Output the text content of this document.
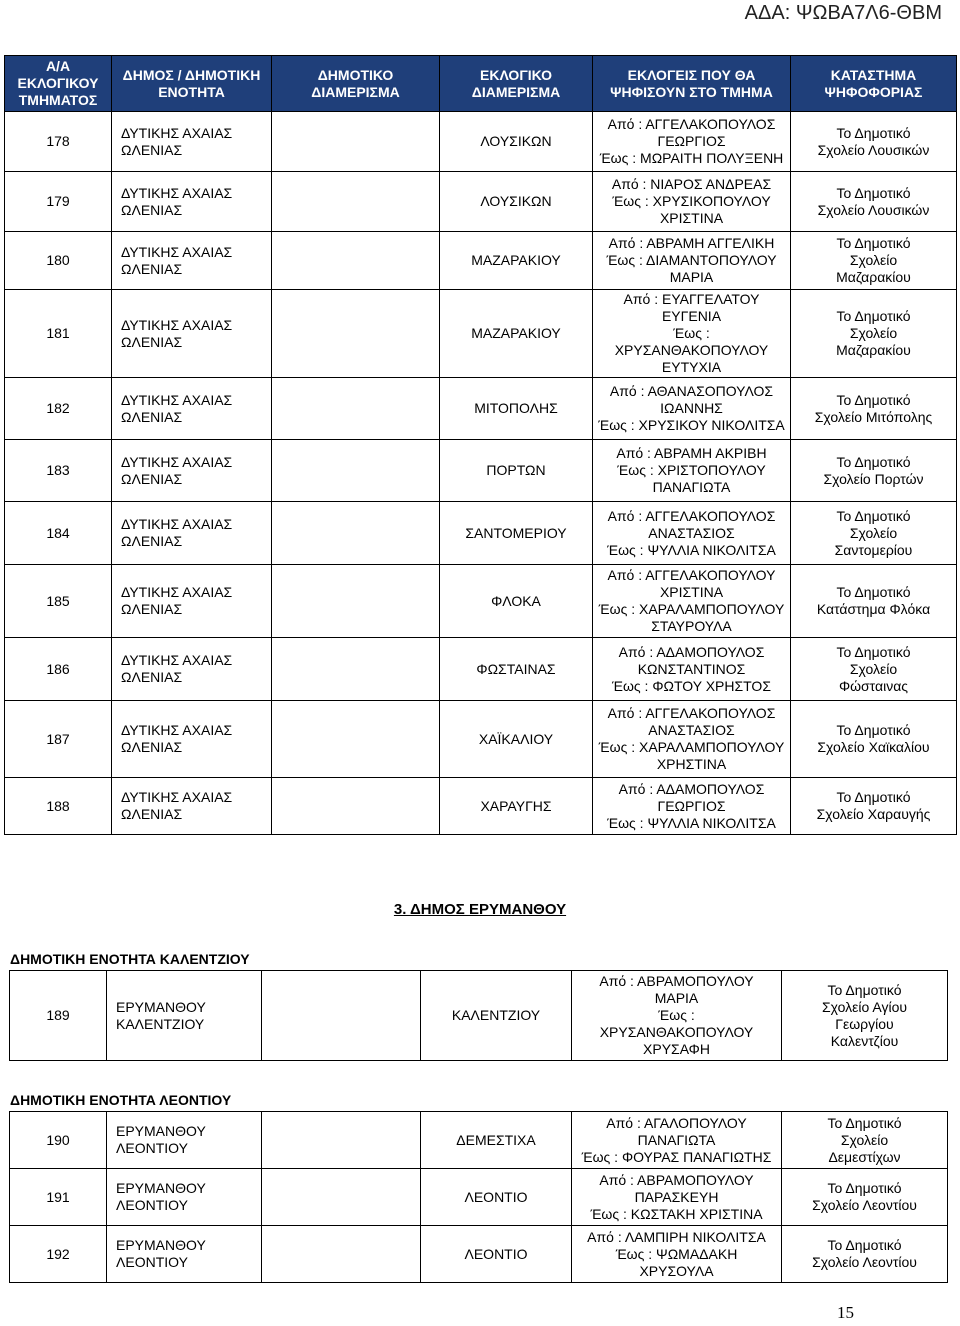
ΑΔΑ: ΨΩΒΑ7Λ6-ΘΒΜ
Α/Α ΕΚΛΟΓΙΚΟΥ ΤΜΗΜΑΤΟΣ	ΔΗΜΟΣ / ΔΗΜΟΤΙΚΗ ΕΝΟΤΗΤΑ	ΔΗΜΟΤΙΚΟ ΔΙΑΜΕΡΙΣΜΑ	ΕΚΛΟΓΙΚΟ ΔΙΑΜΕΡΙΣΜΑ	ΕΚΛΟΓΕΙΣ ΠΟΥ ΘΑ ΨΗΦΙΣΟΥΝ ΣΤΟ ΤΜΗΜΑ	ΚΑΤΑΣΤΗΜΑ ΨΗΦΟΦΟΡΙΑΣ
178	ΔΥΤΙΚΗΣ ΑΧΑΙΑΣ
ΩΛΕΝΙΑΣ		ΛΟΥΣΙΚΩΝ	Από : ΑΓΓΕΛΑΚΟΠΟΥΛΟΣ
ΓΕΩΡΓΙΟΣ
Έως : ΜΩΡΑΙΤΗ ΠΟΛΥΞΕΝΗ	Το Δημοτικό
Σχολείο Λουσικών
179	ΔΥΤΙΚΗΣ ΑΧΑΙΑΣ
ΩΛΕΝΙΑΣ		ΛΟΥΣΙΚΩΝ	Από : ΝΙΑΡΟΣ ΑΝΔΡΕΑΣ
Έως : ΧΡΥΣΙΚΟΠΟΥΛΟΥ
ΧΡΙΣΤΙΝΑ	Το Δημοτικό
Σχολείο Λουσικών
180	ΔΥΤΙΚΗΣ ΑΧΑΙΑΣ
ΩΛΕΝΙΑΣ		ΜΑΖΑΡΑΚΙΟΥ	Από : ΑΒΡΑΜΗ ΑΓΓΕΛΙΚΗ
Έως : ΔΙΑΜΑΝΤΟΠΟΥΛΟΥ
ΜΑΡΙΑ	Το Δημοτικό
Σχολείο
Μαζαρακίου
181	ΔΥΤΙΚΗΣ ΑΧΑΙΑΣ
ΩΛΕΝΙΑΣ		ΜΑΖΑΡΑΚΙΟΥ	Από : ΕΥΑΓΓΕΛΑΤΟΥ
ΕΥΓΕΝΙΑ
Έως :
ΧΡΥΣΑΝΘΑΚΟΠΟΥΛΟΥ
ΕΥΤΥΧΙΑ	Το Δημοτικό
Σχολείο
Μαζαρακίου
182	ΔΥΤΙΚΗΣ ΑΧΑΙΑΣ
ΩΛΕΝΙΑΣ		ΜΙΤΟΠΟΛΗΣ	Από : ΑΘΑΝΑΣΟΠΟΥΛΟΣ
ΙΩΑΝΝΗΣ
Έως : ΧΡΥΣΙΚΟΥ ΝΙΚΟΛΙΤΣΑ	Το Δημοτικό
Σχολείο Μιτόπολης
183	ΔΥΤΙΚΗΣ ΑΧΑΙΑΣ
ΩΛΕΝΙΑΣ		ΠΟΡΤΩΝ	Από : ΑΒΡΑΜΗ ΑΚΡΙΒΗ
Έως : ΧΡΙΣΤΟΠΟΥΛΟΥ
ΠΑΝΑΓΙΩΤΑ	Το Δημοτικό
Σχολείο Πορτών
184	ΔΥΤΙΚΗΣ ΑΧΑΙΑΣ
ΩΛΕΝΙΑΣ		ΣΑΝΤΟΜΕΡΙΟΥ	Από : ΑΓΓΕΛΑΚΟΠΟΥΛΟΣ
ΑΝΑΣΤΑΣΙΟΣ
Έως : ΨΥΛΛΙΑ ΝΙΚΟΛΙΤΣΑ	Το Δημοτικό
Σχολείο
Σαντομερίου
185	ΔΥΤΙΚΗΣ ΑΧΑΙΑΣ
ΩΛΕΝΙΑΣ		ΦΛΟΚΑ	Από : ΑΓΓΕΛΑΚΟΠΟΥΛΟΥ
ΧΡΙΣΤΙΝΑ
Έως : ΧΑΡΑΛΑΜΠΟΠΟΥΛΟΥ
ΣΤΑΥΡΟΥΛΑ	Το Δημοτικό
Κατάστημα Φλόκα
186	ΔΥΤΙΚΗΣ ΑΧΑΙΑΣ
ΩΛΕΝΙΑΣ		ΦΩΣΤΑΙΝΑΣ	Από : ΑΔΑΜΟΠΟΥΛΟΣ
ΚΩΝΣΤΑΝΤΙΝΟΣ
Έως : ΦΩΤΟΥ ΧΡΗΣΤΟΣ	Το Δημοτικό
Σχολείο
Φώσταινας
187	ΔΥΤΙΚΗΣ ΑΧΑΙΑΣ
ΩΛΕΝΙΑΣ		ΧΑΪΚΑΛΙΟΥ	Από : ΑΓΓΕΛΑΚΟΠΟΥΛΟΣ
ΑΝΑΣΤΑΣΙΟΣ
Έως : ΧΑΡΑΛΑΜΠΟΠΟΥΛΟΥ
ΧΡΗΣΤΙΝΑ	Το Δημοτικό
Σχολείο Χαϊκαλίου
188	ΔΥΤΙΚΗΣ ΑΧΑΙΑΣ
ΩΛΕΝΙΑΣ		ΧΑΡΑΥΓΗΣ	Από : ΑΔΑΜΟΠΟΥΛΟΣ
ΓΕΩΡΓΙΟΣ
Έως : ΨΥΛΛΙΑ ΝΙΚΟΛΙΤΣΑ	Το Δημοτικό
Σχολείο Χαραυγής
3. ΔΗΜΟΣ ΕΡΥΜΑΝΘΟΥ
ΔΗΜΟΤΙΚΗ ΕΝΟΤΗΤΑ ΚΑΛΕΝΤΖΙΟΥ
189	ΕΡΥΜΑΝΘΟΥ
ΚΑΛΕΝΤΖΙΟΥ		ΚΑΛΕΝΤΖΙΟΥ	Από : ΑΒΡΑΜΟΠΟΥΛΟΥ
ΜΑΡΙΑ
Έως :
ΧΡΥΣΑΝΘΑΚΟΠΟΥΛΟΥ
ΧΡΥΣΑΦΗ	Το Δημοτικό
Σχολείο Αγίου
Γεωργίου
Καλεντζίου
ΔΗΜΟΤΙΚΗ ΕΝΟΤΗΤΑ ΛΕΟΝΤΙΟΥ
190	ΕΡΥΜΑΝΘΟΥ
ΛΕΟΝΤΙΟΥ		ΔΕΜΕΣΤΙΧΑ	Από : ΑΓΑΛΟΠΟΥΛΟΥ
ΠΑΝΑΓΙΩΤΑ
Έως : ΦΟΥΡΑΣ ΠΑΝΑΓΙΩΤΗΣ	Το Δημοτικό
Σχολείο
Δεμεστίχων
191	ΕΡΥΜΑΝΘΟΥ
ΛΕΟΝΤΙΟΥ		ΛΕΟΝΤΙΟ	Από : ΑΒΡΑΜΟΠΟΥΛΟΥ
ΠΑΡΑΣΚΕΥΗ
Έως : ΚΩΣΤΑΚΗ ΧΡΙΣΤΙΝΑ	Το Δημοτικό
Σχολείο Λεοντίου
192	ΕΡΥΜΑΝΘΟΥ
ΛΕΟΝΤΙΟΥ		ΛΕΟΝΤΙΟ	Από : ΛΑΜΠΙΡΗ ΝΙΚΟΛΙΤΣΑ
Έως : ΨΩΜΑΔΑΚΗ
ΧΡΥΣΟΥΛΑ	Το Δημοτικό
Σχολείο Λεοντίου
15
